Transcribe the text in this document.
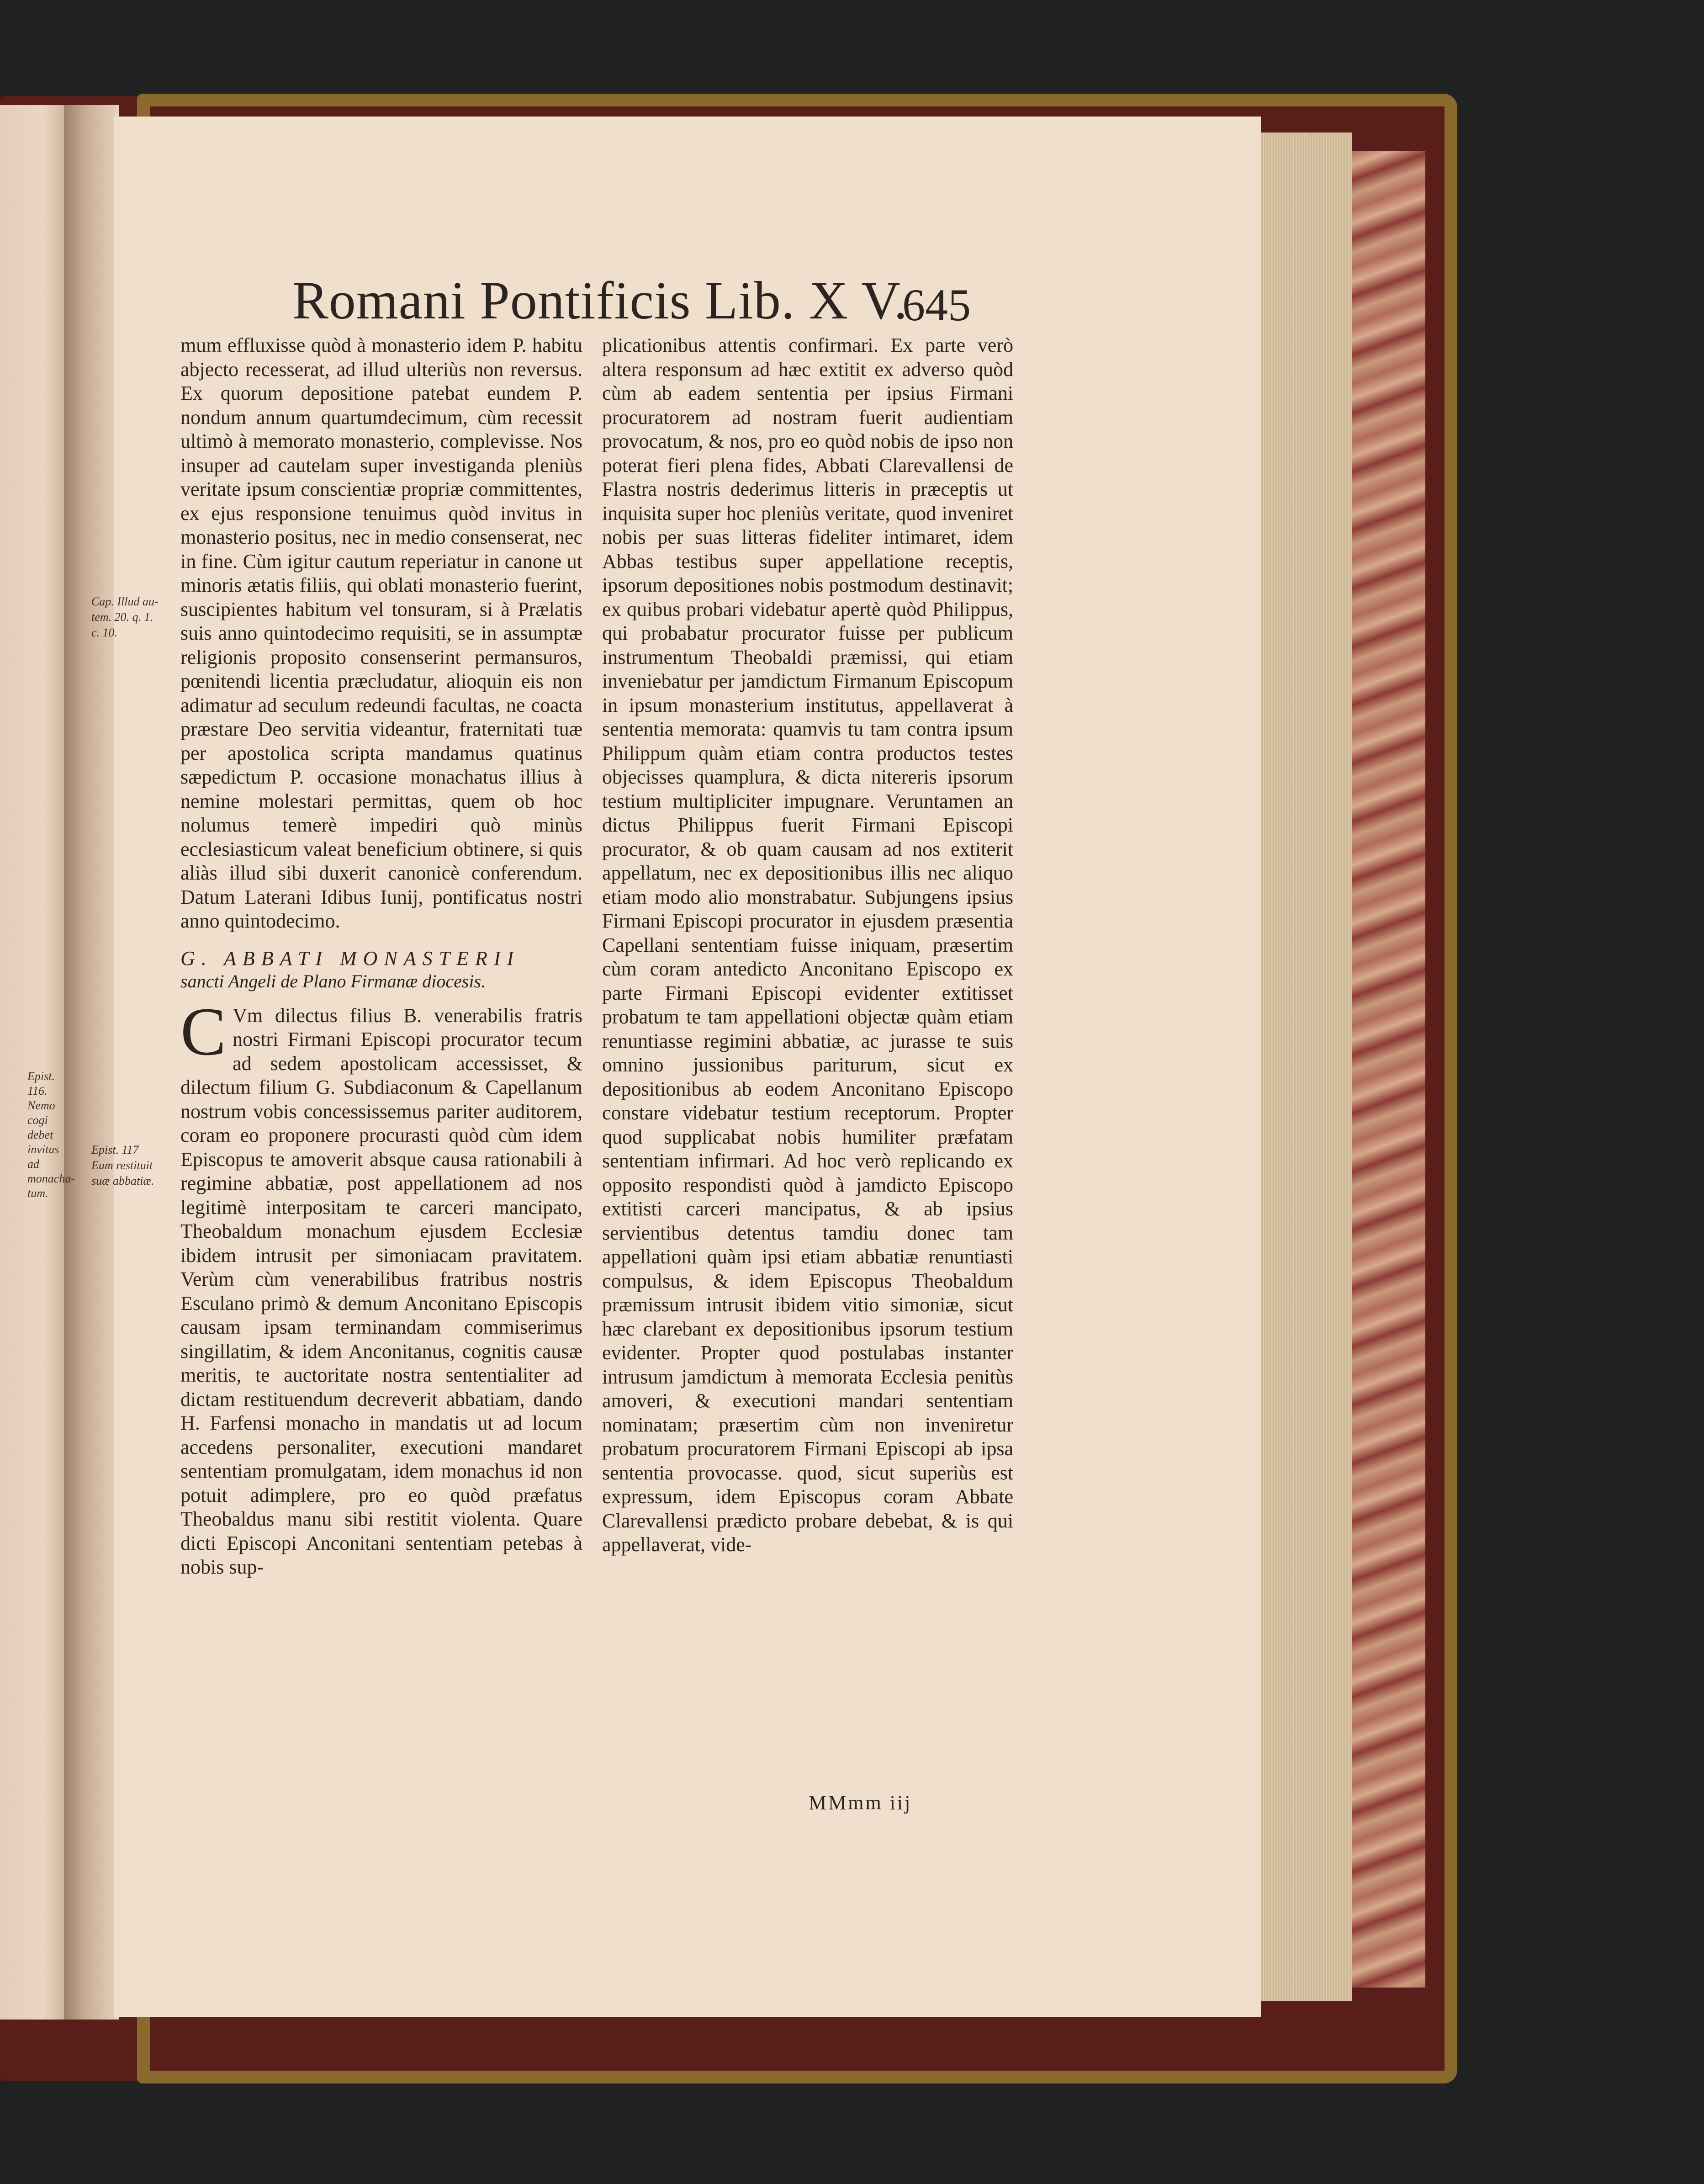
Epist. 116.
Nemo cogi
debet invitus
ad monacha-
tum.
Romani Pontificis Lib. X V.
645
Cap. Illud au-
tem. 20. q. 1.
c. 10.
Epist. 117
Eum restituit
suæ abbatiæ.

mum effluxisse quòd à monasterio idem P. habitu abjecto recesserat, ad illud ulteriùs non reversus. Ex quorum depositione patebat eundem P. nondum annum quartumdecimum, cùm recessit ultimò à memorato monasterio, complevisse. Nos insuper ad cautelam super investiganda pleniùs veritate ipsum conscientiæ propriæ committentes, ex ejus responsione tenuimus quòd invitus in monasterio positus, nec in medio consenserat, nec in fine. Cùm igitur cautum reperiatur in canone ut minoris ætatis filiis, qui oblati monasterio fuerint, suscipientes habitum vel tonsuram, si à Prælatis suis anno quintodecimo requisiti, se in assumptæ religionis proposito consenserint permansuros, pœnitendi licentia præcludatur, alioquin eis non adimatur ad seculum redeundi facultas, ne coacta præstare Deo servitia videantur, fraternitati tuæ per apostolica scripta mandamus quatinus sæpedictum P. occasione monachatus illius à nemine molestari permittas, quem ob hoc nolumus temerè impediri quò minùs ecclesiasticum valeat beneficium obtinere, si quis aliàs illud sibi duxerit canonicè conferendum. Datum Laterani Idibus Iunij, pontificatus nostri anno quintodecimo.

G. ABBATI MONASTERII
sancti Angeli de Plano Firmanæ diocesis.

C Vm dilectus filius B. venerabilis fratris nostri Firmani Episcopi procurator tecum ad sedem apostolicam accessisset, & dilectum filium G. Subdiaconum & Capellanum nostrum vobis concessissemus pariter auditorem, coram eo proponere procurasti quòd cùm idem Episcopus te amoverit absque causa rationabili à regimine abbatiæ, post appellationem ad nos legitimè interpositam te carceri mancipato, Theobaldum monachum ejusdem Ecclesiæ ibidem intrusit per simoniacam pravitatem. Verùm cùm venerabilibus fratribus nostris Esculano primò & demum Anconitano Episcopis causam ipsam terminandam commiserimus singillatim, & idem Anconitanus, cognitis causæ meritis, te auctoritate nostra sententialiter ad dictam restituendum decreverit abbatiam, dando H. Farfensi monacho in mandatis ut ad locum accedens personaliter, executioni mandaret sententiam promulgatam, idem monachus id non potuit adimplere, pro eo quòd præfatus Theobaldus manu sibi restitit violenta. Quare dicti Episcopi Anconitani sententiam petebas à nobis sup-

plicationibus attentis confirmari. Ex parte verò altera responsum ad hæc extitit ex adverso quòd cùm ab eadem sententia per ipsius Firmani procuratorem ad nostram fuerit audientiam provocatum, & nos, pro eo quòd nobis de ipso non poterat fieri plena fides, Abbati Clarevallensi de Flastra nostris dederimus litteris in præceptis ut inquisita super hoc pleniùs veritate, quod inveniret nobis per suas litteras fideliter intimaret, idem Abbas testibus super appellatione receptis, ipsorum depositiones nobis postmodum destinavit; ex quibus probari videbatur apertè quòd Philippus, qui probabatur procurator fuisse per publicum instrumentum Theobaldi præmissi, qui etiam inveniebatur per jamdictum Firmanum Episcopum in ipsum monasterium institutus, appellaverat à sententia memorata: quamvis tu tam contra ipsum Philippum quàm etiam contra productos testes objecisses quamplura, & dicta nitereris ipsorum testium multipliciter impugnare. Veruntamen an dictus Philippus fuerit Firmani Episcopi procurator, & ob quam causam ad nos extiterit appellatum, nec ex depositionibus illis nec aliquo etiam modo alio monstrabatur. Subjungens ipsius Firmani Episcopi procurator in ejusdem præsentia Capellani sententiam fuisse iniquam, præsertim cùm coram antedicto Anconitano Episcopo ex parte Firmani Episcopi evidenter extitisset probatum te tam appellationi objectæ quàm etiam renuntiasse regimini abbatiæ, ac jurasse te suis omnino jussionibus pariturum, sicut ex depositionibus ab eodem Anconitano Episcopo constare videbatur testium receptorum. Propter quod supplicabat nobis humiliter præfatam sententiam infirmari. Ad hoc verò replicando ex opposito respondisti quòd à jamdicto Episcopo extitisti carceri mancipatus, & ab ipsius servientibus detentus tamdiu donec tam appellationi quàm ipsi etiam abbatiæ renuntiasti compulsus, & idem Episcopus Theobaldum præmissum intrusit ibidem vitio simoniæ, sicut hæc clarebant ex depositionibus ipsorum testium evidenter. Propter quod postulabas instanter intrusum jamdictum à memorata Ecclesia penitùs amoveri, & executioni mandari sententiam nominatam; præsertim cùm non inveniretur probatum procuratorem Firmani Episcopi ab ipsa sententia provocasse. quod, sicut superiùs est expressum, idem Episcopus coram Abbate Clarevallensi prædicto probare debebat, & is qui appellaverat, vide-

MMmm iij
